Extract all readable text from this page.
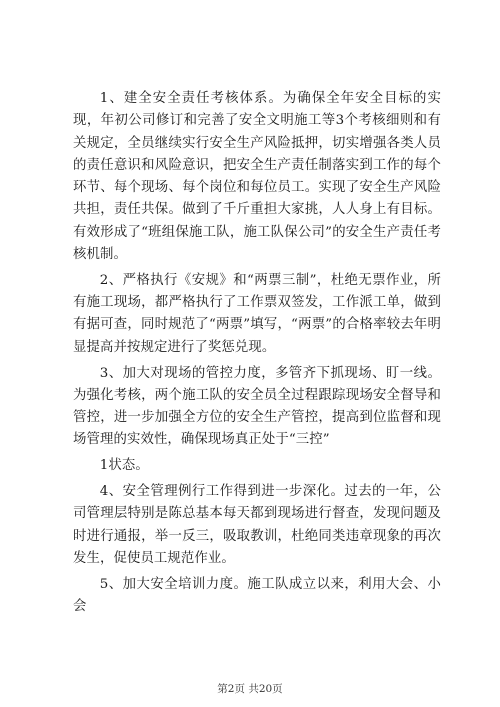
1、建全安全责任考核体系。为确保全年安全目标的实现，年初公司修订和完善了安全文明施工等3个考核细则和有关规定，全员继续实行安全生产风险抵押，切实增强各类人员的责任意识和风险意识，把安全生产责任制落实到工作的每个环节、每个现场、每个岗位和每位员工。实现了安全生产风险共担，责任共保。做到了千斤重担大家挑，人人身上有目标。有效形成了“班组保施工队，施工队保公司”的安全生产责任考核机制。

2、严格执行《安规》和“两票三制”，杜绝无票作业，所有施工现场，都严格执行了工作票双签发，工作派工单，做到有据可查，同时规范了“两票”填写，“两票”的合格率较去年明显提高并按规定进行了奖惩兑现。

3、加大对现场的管控力度，多管齐下抓现场、盯一线。为强化考核，两个施工队的安全员全过程跟踪现场安全督导和管控，进一步加强全方位的安全生产管控，提高到位监督和现场管理的实效性，确保现场真正处于“三控”

1状态。

4、安全管理例行工作得到进一步深化。过去的一年，公司管理层特别是陈总基本每天都到现场进行督查，发现问题及时进行通报，举一反三，吸取教训，杜绝同类违章现象的再次发生，促使员工规范作业。

5、加大安全培训力度。施工队成立以来，利用大会、小会

第2页 共20页
